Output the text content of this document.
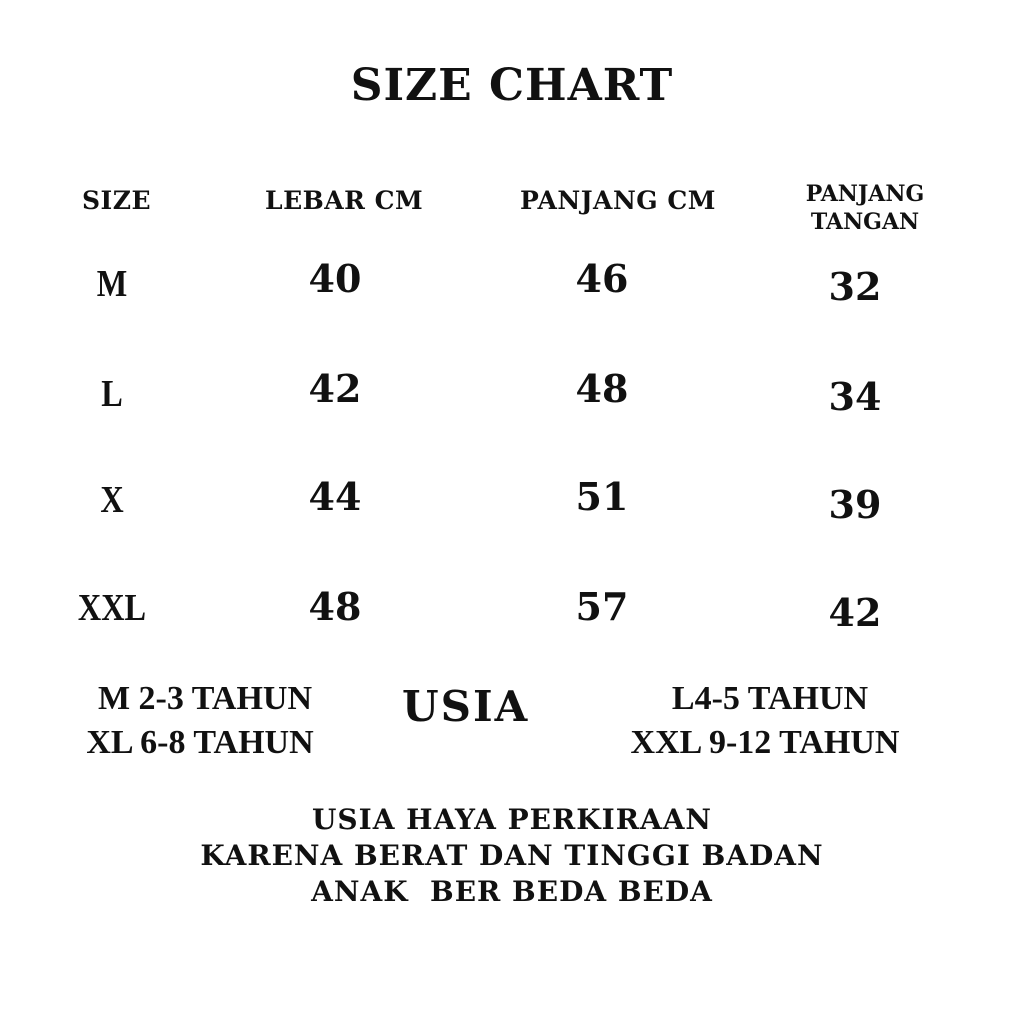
SIZE CHART
SIZE	LEBAR CM	PANJANG CM	PANJANG
TANGAN
M	40	46	32
L	42	48	34
X	44	51	39
XXL	48	57	42
M 2-3 TAHUN
XL 6-8 TAHUN
USIA	L4-5 TAHUN
XXL 9-12 TAHUN
USIA HAYA PERKIRAAN
KARENA BERAT DAN TINGGI BADAN
ANAK  BER BEDA BEDA
